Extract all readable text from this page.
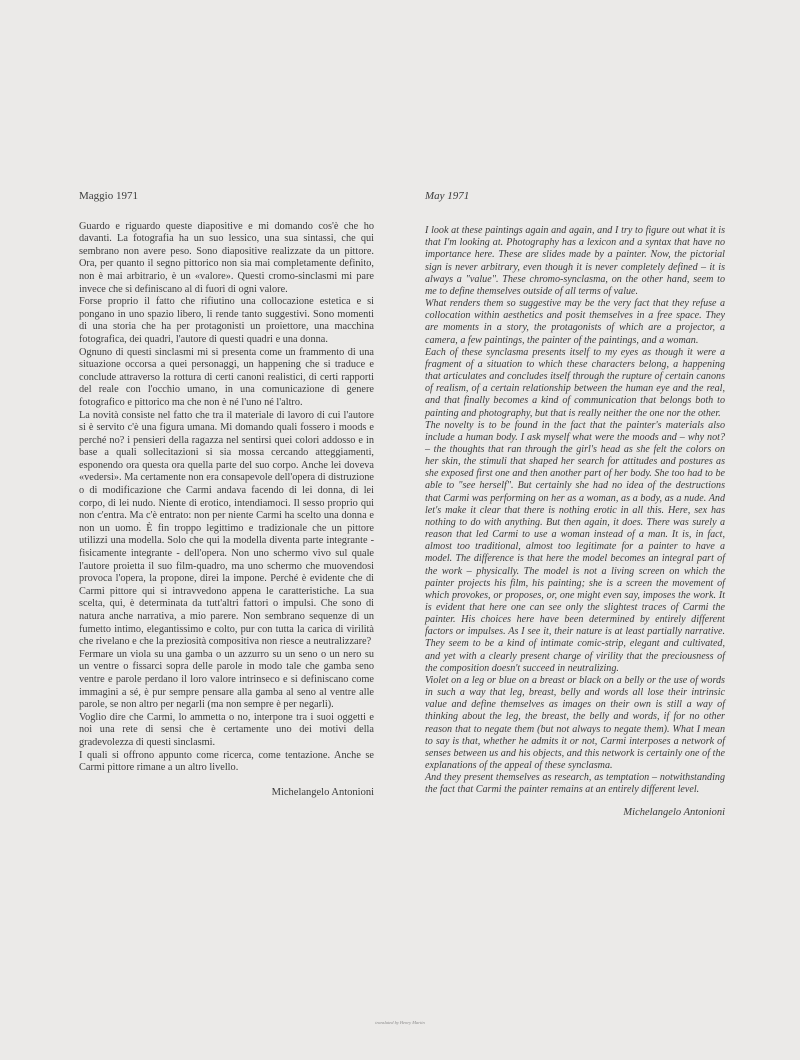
Maggio 1971

Guardo e riguardo queste diapositive e mi domando cos'è che ho davanti. La fotografia ha un suo lessico, una sua sintassi, che qui sembrano non avere peso. Sono diapositive realizzate da un pittore. Ora, per quanto il segno pittorico non sia mai completamente definito, non è mai arbitrario, è un «valore». Questi cromo-sinclasmi mi pare invece che si definiscano al di fuori di ogni valore.

Forse proprio il fatto che rifiutino una collocazione estetica e si pongano in uno spazio libero, li rende tanto suggestivi. Sono momenti di una storia che ha per protagonisti un proiettore, una macchina fotografica, dei quadri, l'autore di questi quadri e una donna.

Ognuno di questi sinclasmi mi si presenta come un frammento di una situazione occorsa a quei personaggi, un happening che si traduce e conclude attraverso la rottura di certi canoni realistici, di certi rapporti del reale con l'occhio umano, in una comunicazione di genere fotografico e pittorico ma che non è né l'uno né l'altro.

La novità consiste nel fatto che tra il materiale di lavoro di cui l'autore si è servito c'è una figura umana. Mi domando quali fossero i moods e perché no? i pensieri della ragazza nel sentirsi quei colori addosso e in base a quali sollecitazioni si sia mossa cercando atteggiamenti, esponendo ora questa ora quella parte del suo corpo. Anche lei doveva «vedersi». Ma certamente non era consapevole dell'opera di distruzione o di modificazione che Carmi andava facendo di lei donna, di lei corpo, di lei nudo. Niente di erotico, intendiamoci. Il sesso proprio qui non c'entra. Ma c'è entrato: non per niente Carmi ha scelto una donna e non un uomo. È fin troppo legittimo e tradizionale che un pittore utilizzi una modella. Solo che qui la modella diventa parte integrante - fisicamente integrante - dell'opera. Non uno schermo vivo sul quale l'autore proietta il suo film-quadro, ma uno schermo che muovendosi provoca l'opera, la propone, direi la impone. Perché è evidente che di Carmi pittore qui si intravvedono appena le caratteristiche. La sua scelta, qui, è determinata da tutt'altri fattori o impulsi. Che sono di natura anche narrativa, a mio parere. Non sembrano sequenze di un fumetto intimo, elegantissimo e colto, pur con tutta la carica di virilità che rivelano e che la preziosità compositiva non riesce a neutralizzare?

Fermare un viola su una gamba o un azzurro su un seno o un nero su un ventre o fissarci sopra delle parole in modo tale che gamba seno ventre e parole perdano il loro valore intrinseco e si definiscano come immagini a sé, è pur sempre pensare alla gamba al seno al ventre alle parole, se non altro per negarli (ma non sempre è per negarli).

Voglio dire che Carmi, lo ammetta o no, interpone tra i suoi oggetti e noi una rete di sensi che è certamente uno dei motivi della gradevolezza di questi sinclasmi.

I quali si offrono appunto come ricerca, come tentazione. Anche se Carmi pittore rimane a un altro livello.

Michelangelo Antonioni

May 1971

I look at these paintings again and again, and I try to figure out what it is that I'm looking at. Photography has a lexicon and a syntax that have no importance here. These are slides made by a painter. Now, the pictorial sign is never arbitrary, even though it is never completely defined – it is always a "value". These chromo-synclasma, on the other hand, seem to me to define themselves outside of all terms of value.

What renders them so suggestive may be the very fact that they refuse a collocation within aesthetics and posit themselves in a free space. They are moments in a story, the protagonists of which are a projector, a camera, a few paintings, the painter of the paintings, and a woman.

Each of these synclasma presents itself to my eyes as though it were a fragment of a situation to which these characters belong, a happening that articulates and concludes itself through the rupture of certain canons of realism, of a certain relationship between the human eye and the real, and that finally becomes a kind of communication that belongs both to painting and photography, but that is really neither the one nor the other.

The novelty is to be found in the fact that the painter's materials also include a human body. I ask myself what were the moods and – why not? – the thoughts that ran through the girl's head as she felt the colors on her skin, the stimuli that shaped her search for attitudes and postures as she exposed first one and then another part of her body. She too had to be able to "see herself". But certainly she had no idea of the destructions that Carmi was performing on her as a woman, as a body, as a nude. And let's make it clear that there is nothing erotic in all this. Here, sex has nothing to do with anything. But then again, it does. There was surely a reason that led Carmi to use a woman instead of a man. It is, in fact, almost too traditional, almost too legitimate for a painter to have a model. The difference is that here the model becomes an integral part of the work – physically. The model is not a living screen on which the painter projects his film, his painting; she is a screen the movement of which provokes, or proposes, or, one might even say, imposes the work. It is evident that here one can see only the slightest traces of Carmi the painter. His choices here have been determined by entirely different factors or impulses. As I see it, their nature is at least partially narrative. They seem to be a kind of intimate comic-strip, elegant and cultivated, and yet with a clearly present charge of virility that the preciousness of the composition doesn't succeed in neutralizing.

Violet on a leg or blue on a breast or black on a belly or the use of words in such a way that leg, breast, belly and words all lose their intrinsic value and define themselves as images on their own is still a way of thinking about the leg, the breast, the belly and words, if for no other reason that to negate them (but not always to negate them). What I mean to say is that, whether he admits it or not, Carmi interposes a network of senses between us and his objects, and this network is certainly one of the explanations of the appeal of these synclasma.

And they present themselves as research, as temptation – notwithstanding the fact that Carmi the painter remains at an entirely different level.

Michelangelo Antonioni

translated by Henry Martin
